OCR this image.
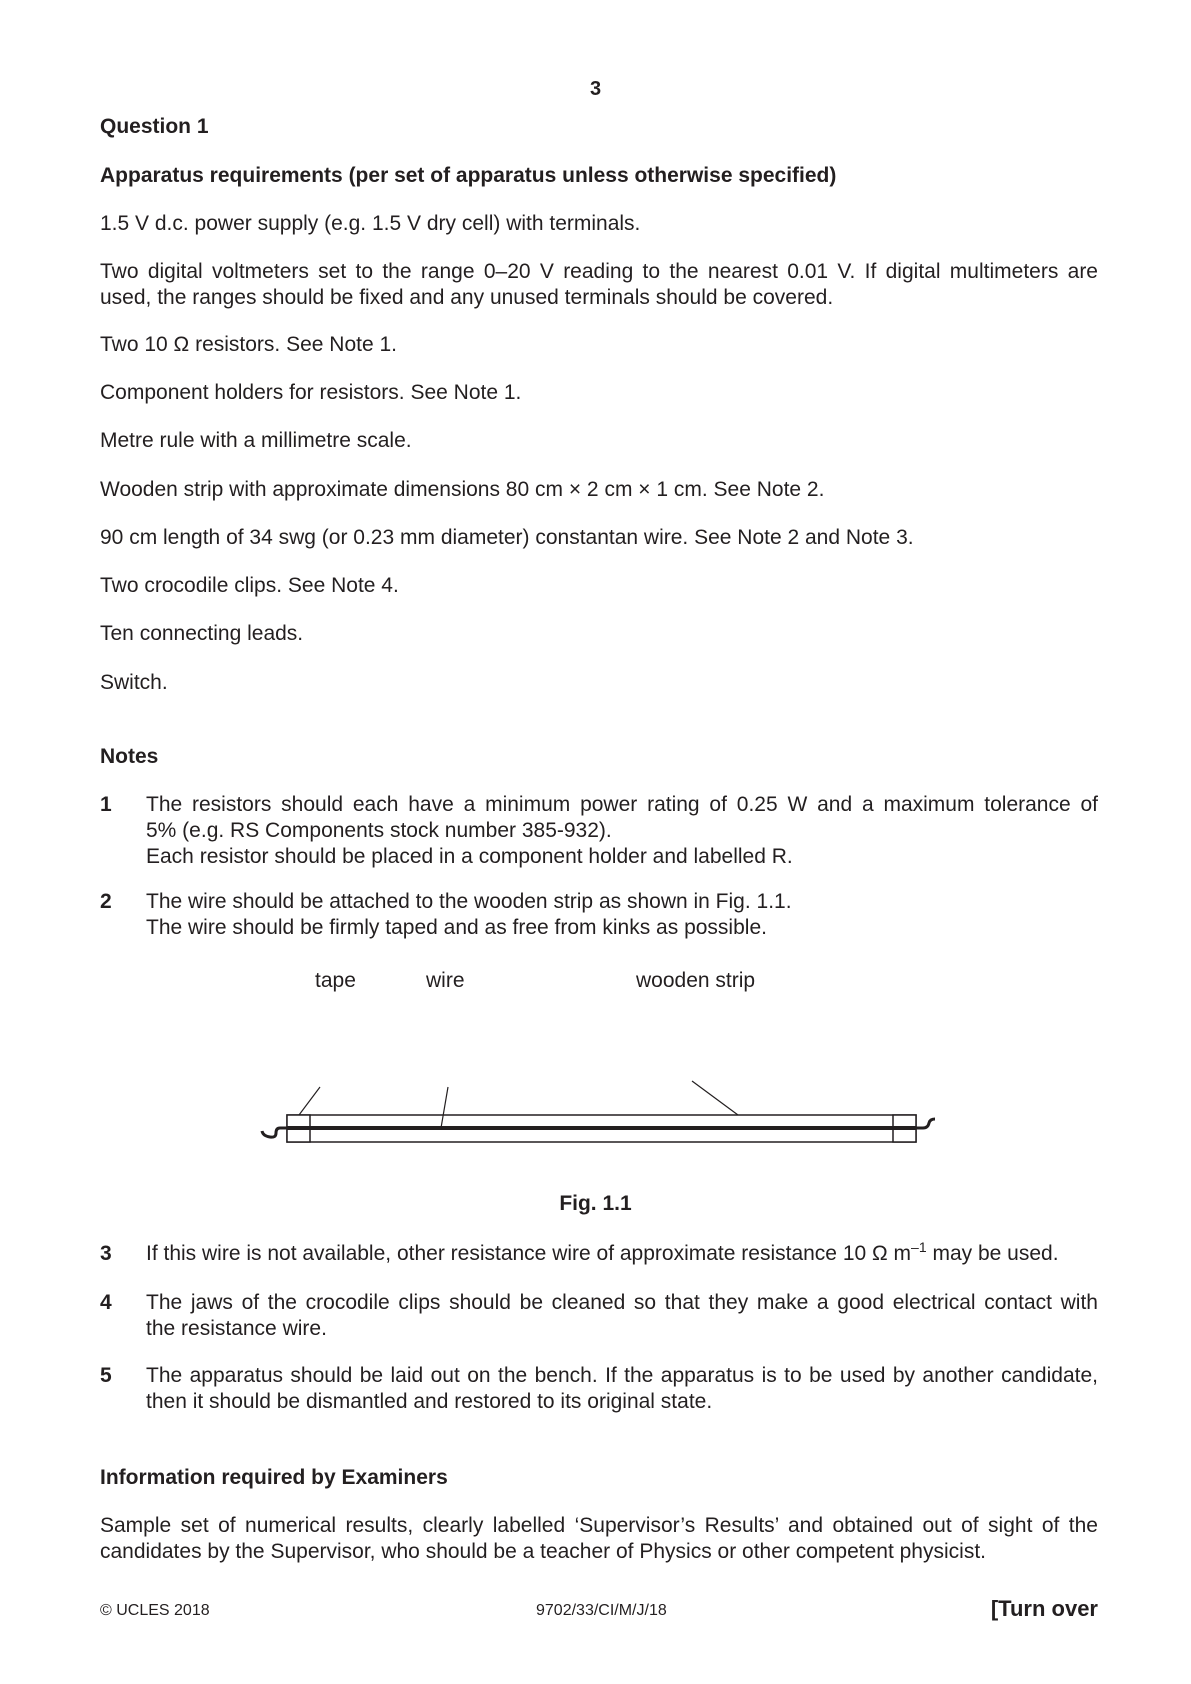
3
Question 1
Apparatus requirements (per set of apparatus unless otherwise specified)
1.5 V d.c. power supply (e.g. 1.5 V dry cell) with terminals.
Two digital voltmeters set to the range 0–20 V reading to the nearest 0.01 V. If digital multimeters are
used, the ranges should be fixed and any unused terminals should be covered.
Two 10 Ω resistors. See Note 1.
Component holders for resistors. See Note 1.
Metre rule with a millimetre scale.
Wooden strip with approximate dimensions 80 cm × 2 cm × 1 cm. See Note 2.
90 cm length of 34 swg (or 0.23 mm diameter) constantan wire. See Note 2 and Note 3.
Two crocodile clips. See Note 4.
Ten connecting leads.
Switch.
Notes
1 The resistors should each have a minimum power rating of 0.25 W and a maximum tolerance of
5% (e.g. RS Components stock number 385-932).
Each resistor should be placed in a component holder and labelled R.
2 The wire should be attached to the wooden strip as shown in Fig. 1.1.
The wire should be firmly taped and as free from kinks as possible.
tape	wire	wooden strip
Fig. 1.1
3 If this wire is not available, other resistance wire of approximate resistance 10 Ω $m^{-1}$ may be used.
4 The jaws of the crocodile clips should be cleaned so that they make a good electrical contact with
the resistance wire.
5 The apparatus should be laid out on the bench. If the apparatus is to be used by another candidate,
then it should be dismantled and restored to its original state.
Information required by Examiners
Sample set of numerical results, clearly labelled ‘Supervisor’s Results’ and obtained out of sight of the
candidates by the Supervisor, who should be a teacher of Physics or other competent physicist.
© UCLES 2018	9702/33/CI/M/J/18	[Turn over
